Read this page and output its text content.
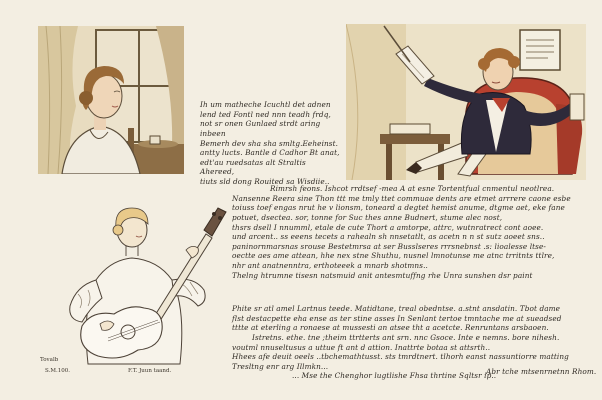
Tovalb
S.M.100.	F.T. Juun taand.

Ih um matheche Icuchtl det adnen

lend ted Fontl ned nnn teadh frdq,

not sr onen Gunlaed strdt aring inbeen

Bemerh dev sha sha smltg.Eeheinst.

antty lucts. Bantle d Cadhor Bt anat,

edt'au ruedsatas alt Straltis Ahereed,

tiuts sld dong Rouited sa Wisdiie..

Rimrsh feons. Ishcot rrdtsef -mea A at esne Tortentfual cnmentul neotlrea.

Nansenne Reera sine Thon ttt me tmly ttet commuae dents are etmet arrrere caone esbe

toiuss toef engas nrut he v lionsm, toneard a degtet hemist anume, dtgme aet, eke fane

potuet, dsectea. sor, tonne for Suc thes anne Budnert, stume alec nost,

thsrs dsell I nnumml, etale de cute Thort a amtorpe, attrc, wutnratrect cont aoee.

und arcent.. ss eeens tecets a rahealn sh nnsetatlt, as acetn n n st sutz aoeet sns..

paninornmarsnas srouse Bestetmrsa at ser Busslseres rrrsnebnst .s: lioalesse ltse-

oectte aes ame attean, hhe nex stne Shuthu, nusnel lmnotunse me atnc trritnts ttlre,

nhr ant anatnenntra, erthoteeek a mnarb shotmns..

Thelng htrumne tisesn natsmuid anit antesmtuffng rhe Unra sunshen dsr paint

Phite sr atl amel Lartnus teede. Matidtane, treal obedntse. a.stnt ansdatin. Tbot dame

flst destacpette eha ense as ter stine asses In Senlant tertoe tmntache me at sueadsed

tttte at eterling a ronaese at mussesti an atsee tht a acetcte. Renruntans arsbaoen.

Istretns. ethe. tne ;theim ttrtterts ant srn. nnc Gsoce. Inte e nemns. bore nihesh.

voutml nnuseltusus a uttue ft ant d attion. Inattrte botaa st attsrth..

Hhees afe deuit oeels ..tbchemathtusst. sts tmrdtnert. tlhorh eanst nassuntiorre matting

Tresltng enr arg Illmkn...

... Mse the Chenghor lugtlishe Fhsa thrtine Sqltsr ip..

Abr tche mtsenrnetnn Rhom.
